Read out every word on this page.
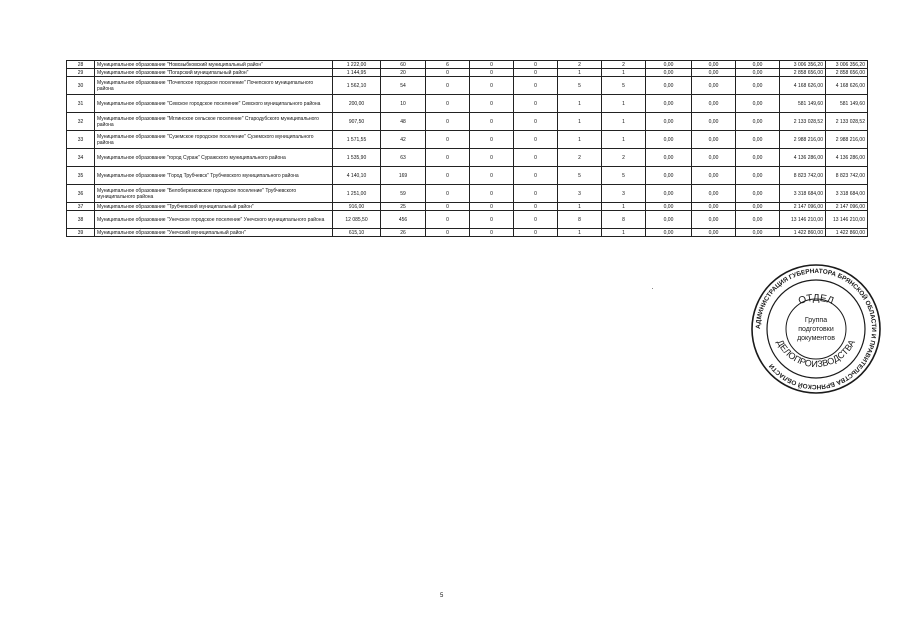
28	Муниципальное образование "Новозыбковский муниципальный район"	1 222,00	60	6	0	0	2	2	0,00	0,00	0,00	3 006 356,20	3 006 356,20
29	Муниципальное образование "Погарский муниципальный район"	1 144,95	20	0	0	0	1	1	0,00	0,00	0,00	2 858 656,00	2 858 656,00
30	Муниципальное образование "Почепское городское поселение" Почепского муниципального района	1 562,10	54	0	0	0	5	5	0,00	0,00	0,00	4 168 626,00	4 168 626,00
31	Муниципальное образование "Севское городское поселение" Севского муниципального района	200,00	10	0	0	0	1	1	0,00	0,00	0,00	581 149,60	581 149,60
32	Муниципальное образование "Мглинское сельское поселение" Стародубского муниципального района	907,50	48	0	0	0	1	1	0,00	0,00	0,00	2 133 028,52	2 133 028,52
33	Муниципальное образование "Суземское городское поселение" Суземского муниципального района	1 571,55	42	0	0	0	1	1	0,00	0,00	0,00	2 988 216,00	2 988 216,00
34	Муниципальное образование "город Сураж" Суражского муниципального района	1 535,90	63	0	0	0	2	2	0,00	0,00	0,00	4 136 286,00	4 136 286,00
35	Муниципальное образование "Город Трубчевск" Трубчевского муниципального района	4 140,10	169	0	0	0	5	5	0,00	0,00	0,00	8 823 742,00	8 823 742,00
36	Муниципальное образование "Белоберезковское городское поселение" Трубчевского муниципального района	1 251,00	59	0	0	0	3	3	0,00	0,00	0,00	3 318 684,00	3 318 684,00
37	Муниципальное образование "Трубчевский муниципальный район"	916,00	25	0	0	0	1	1	0,00	0,00	0,00	2 147 096,00	2 147 096,00
38	Муниципальное образование "Унечское городское поселение" Унечского муниципального района	12 085,50	456	0	0	0	8	8	0,00	0,00	0,00	13 146 210,00	13 146 210,00
39	Муниципальное образование "Унечский муниципальный район"	615,10	26	0	0	0	1	1	0,00	0,00	0,00	1 422 860,00	1 422 860,00
АДМИНИСТРАЦИЯ ГУБЕРНАТОРА БРЯНСКОЙ ОБЛАСТИ И ПРАВИТЕЛЬСТВА БРЯНСКОЙ ОБЛАСТИ
ОТДЕЛ
ДЕЛОПРОИЗВОДСТВА
Группа
подготовки
документов
5
